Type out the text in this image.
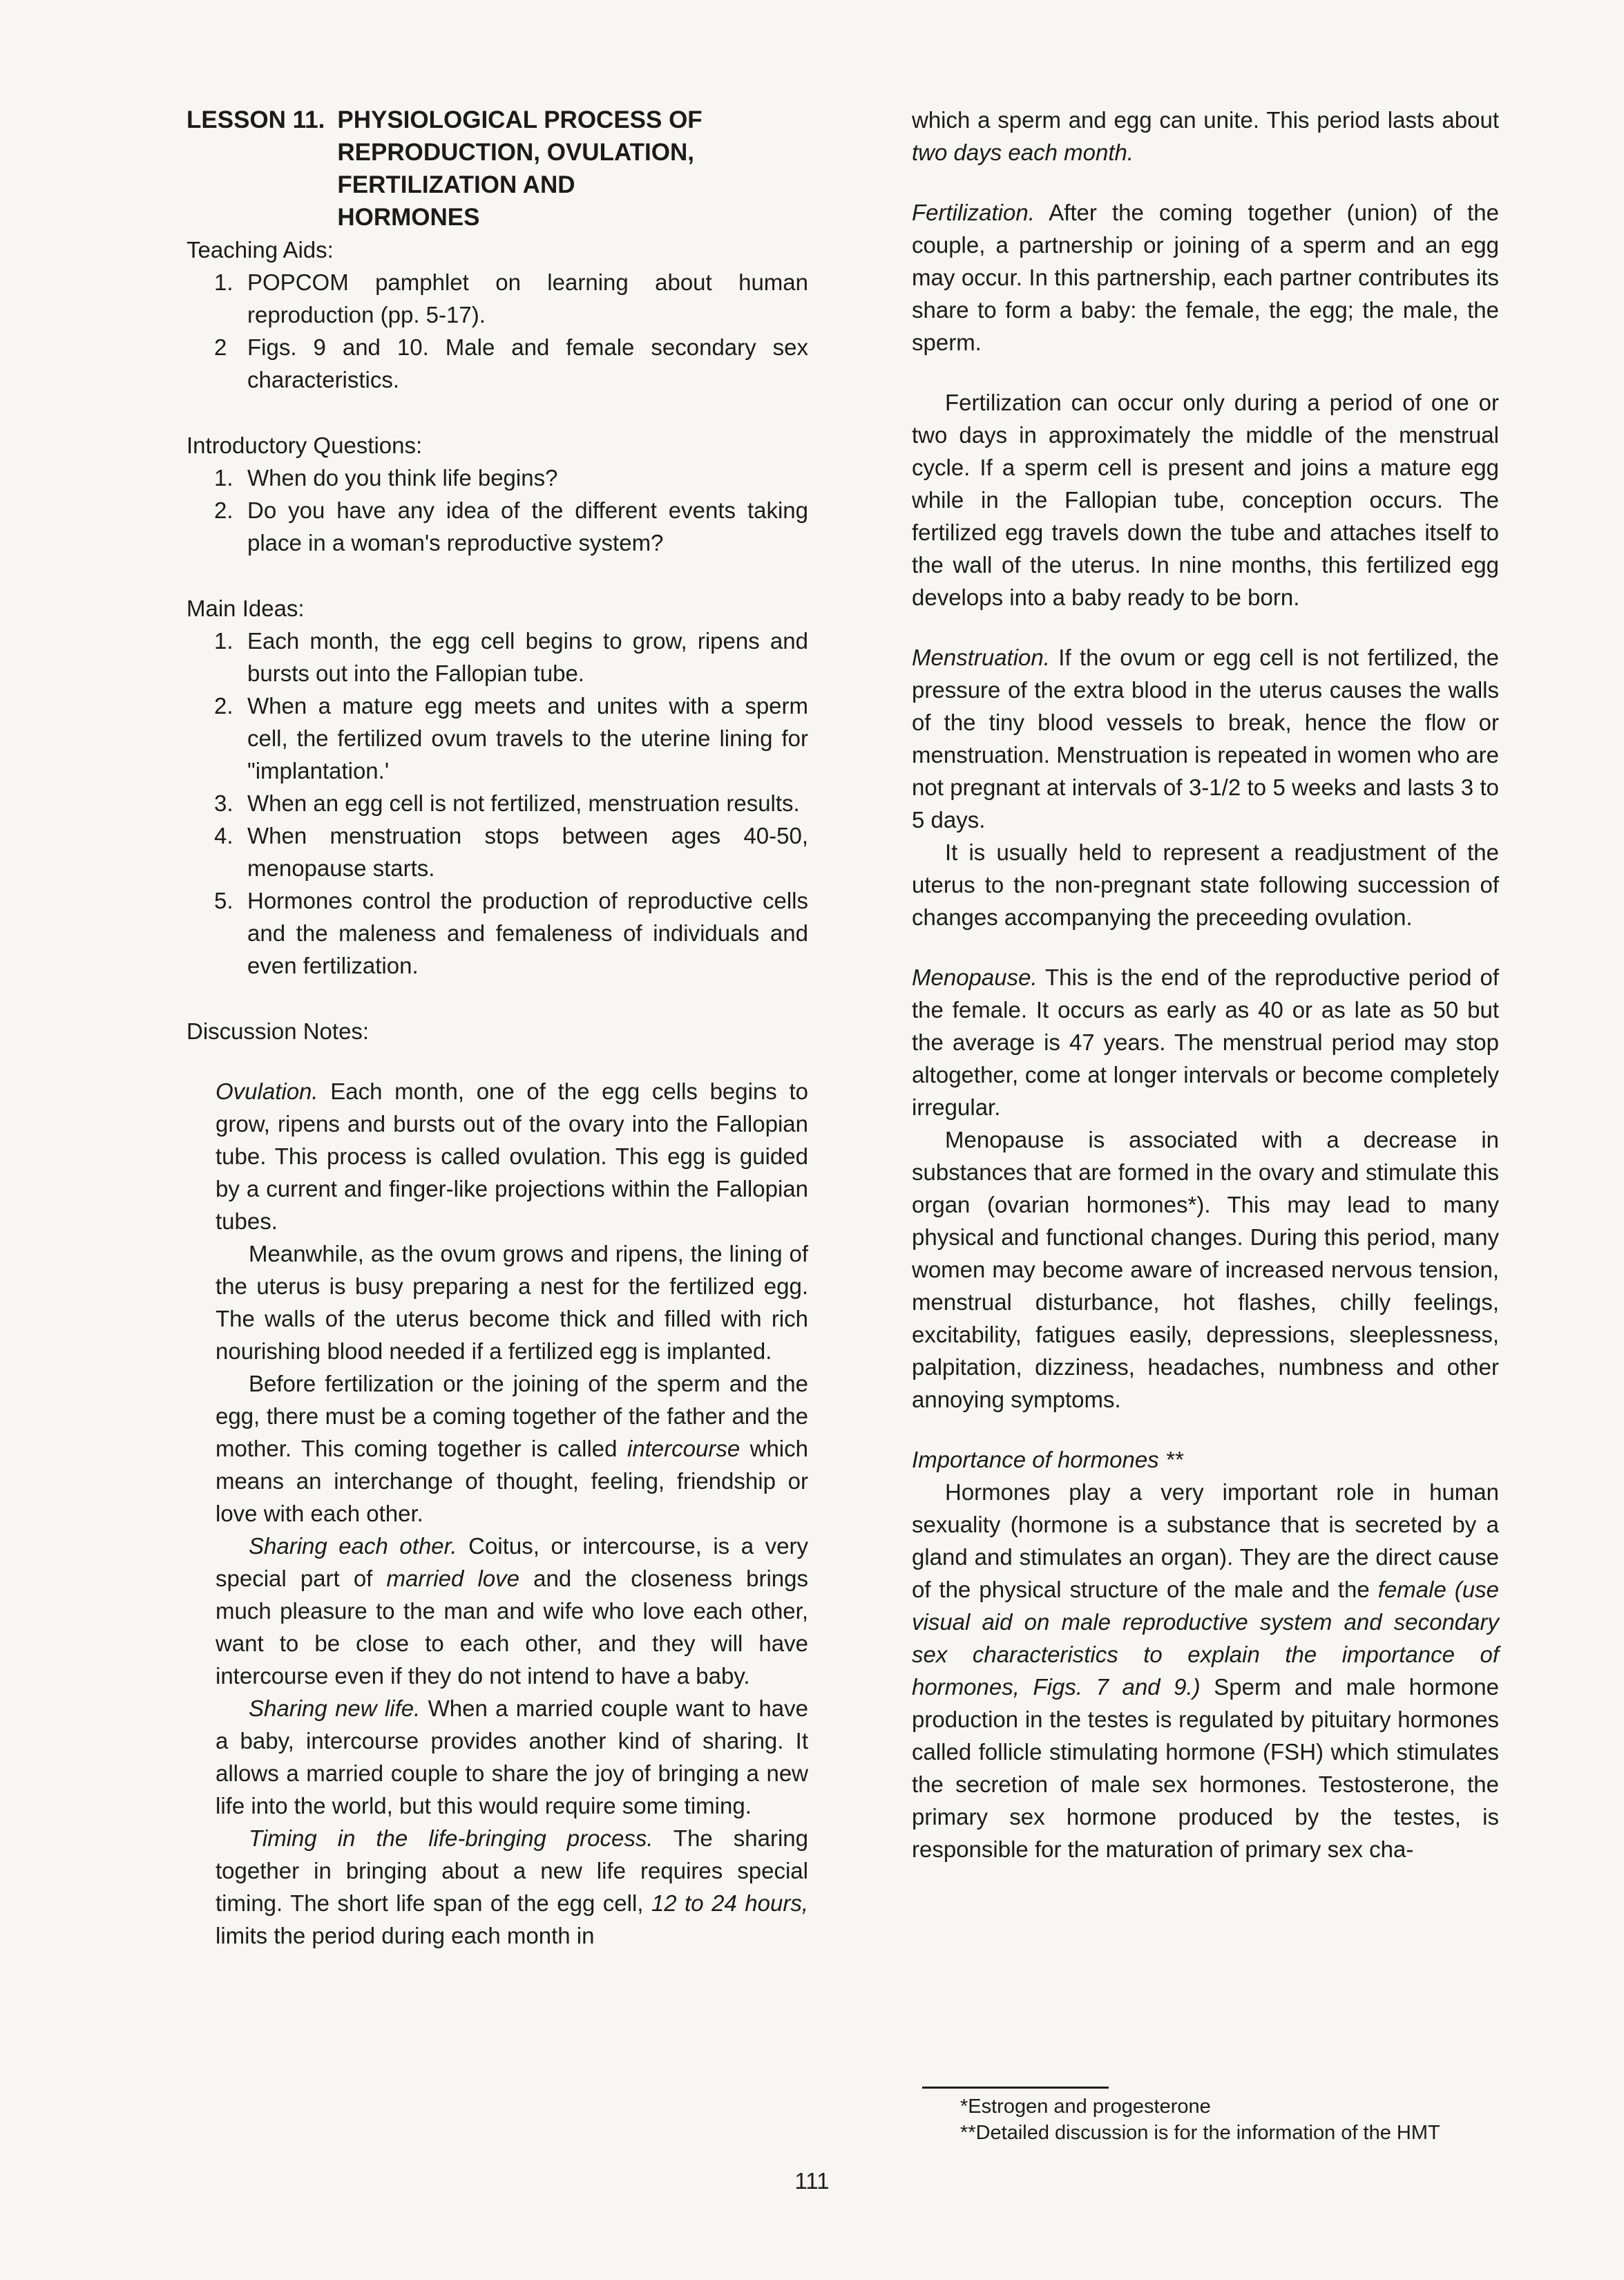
LESSON 11. PHYSIOLOGICAL PROCESS OF
REPRODUCTION, OVULATION,
FERTILIZATION AND
HORMONES

Teaching Aids:

1. POPCOM pamphlet on learning about human reproduction (pp. 5-17).
2 Figs. 9 and 10. Male and female secondary sex characteristics.

Introductory Questions:

1. When do you think life begins?
2. Do you have any idea of the different events taking place in a woman's reproductive system?

Main Ideas:

1. Each month, the egg cell begins to grow, ripens and bursts out into the Fallopian tube.
2. When a mature egg meets and unites with a sperm cell, the fertilized ovum travels to the uterine lining for "implantation.'
3. When an egg cell is not fertilized, menstruation results.
4. When menstruation stops between ages 40-50, menopause starts.
5. Hormones control the production of reproductive cells and the maleness and femaleness of individuals and even fertilization.

Discussion Notes:

Ovulation. Each month, one of the egg cells begins to grow, ripens and bursts out of the ovary into the Fallopian tube. This process is called ovulation. This egg is guided by a current and finger-like projections within the Fallopian tubes.

Meanwhile, as the ovum grows and ripens, the lining of the uterus is busy preparing a nest for the fertilized egg. The walls of the uterus become thick and filled with rich nourishing blood needed if a fertilized egg is implanted.

Before fertilization or the joining of the sperm and the egg, there must be a coming together of the father and the mother. This coming together is called intercourse which means an interchange of thought, feeling, friendship or love with each other.

Sharing each other. Coitus, or intercourse, is a very special part of married love and the closeness brings much pleasure to the man and wife who love each other, want to be close to each other, and they will have intercourse even if they do not intend to have a baby.

Sharing new life. When a married couple want to have a baby, intercourse provides another kind of sharing. It allows a married couple to share the joy of bringing a new life into the world, but this would require some timing.

Timing in the life-bringing process. The sharing together in bringing about a new life requires special timing. The short life span of the egg cell, 12 to 24 hours, limits the period during each month in

which a sperm and egg can unite. This period lasts about two days each month.

Fertilization. After the coming together (union) of the couple, a partnership or joining of a sperm and an egg may occur. In this partnership, each partner contributes its share to form a baby: the female, the egg; the male, the sperm.

Fertilization can occur only during a period of one or two days in approximately the middle of the menstrual cycle. If a sperm cell is present and joins a mature egg while in the Fallopian tube, conception occurs. The fertilized egg travels down the tube and attaches itself to the wall of the uterus. In nine months, this fertilized egg develops into a baby ready to be born.

Menstruation. If the ovum or egg cell is not fertilized, the pressure of the extra blood in the uterus causes the walls of the tiny blood vessels to break, hence the flow or menstruation. Menstruation is repeated in women who are not pregnant at intervals of 3-1/2 to 5 weeks and lasts 3 to 5 days.

It is usually held to represent a readjustment of the uterus to the non-pregnant state following succession of changes accompanying the preceeding ovulation.

Menopause. This is the end of the reproductive period of the female. It occurs as early as 40 or as late as 50 but the average is 47 years. The menstrual period may stop altogether, come at longer intervals or become completely irregular.

Menopause is associated with a decrease in substances that are formed in the ovary and stimulate this organ (ovarian hormones*). This may lead to many physical and functional changes. During this period, many women may become aware of increased nervous tension, menstrual disturbance, hot flashes, chilly feelings, excitability, fatigues easily, depressions, sleeplessness, palpitation, dizziness, headaches, numbness and other annoying symptoms.

Importance of hormones **

Hormones play a very important role in human sexuality (hormone is a substance that is secreted by a gland and stimulates an organ). They are the direct cause of the physical structure of the male and the female (use visual aid on male reproductive system and secondary sex characteristics to explain the importance of hormones, Figs. 7 and 9.) Sperm and male hormone production in the testes is regulated by pituitary hormones called follicle stimulating hormone (FSH) which stimulates the secretion of male sex hormones. Testosterone, the primary sex hormone produced by the testes, is responsible for the maturation of primary sex cha-

*Estrogen and progesterone

**Detailed discussion is for the information of the HMT

111
